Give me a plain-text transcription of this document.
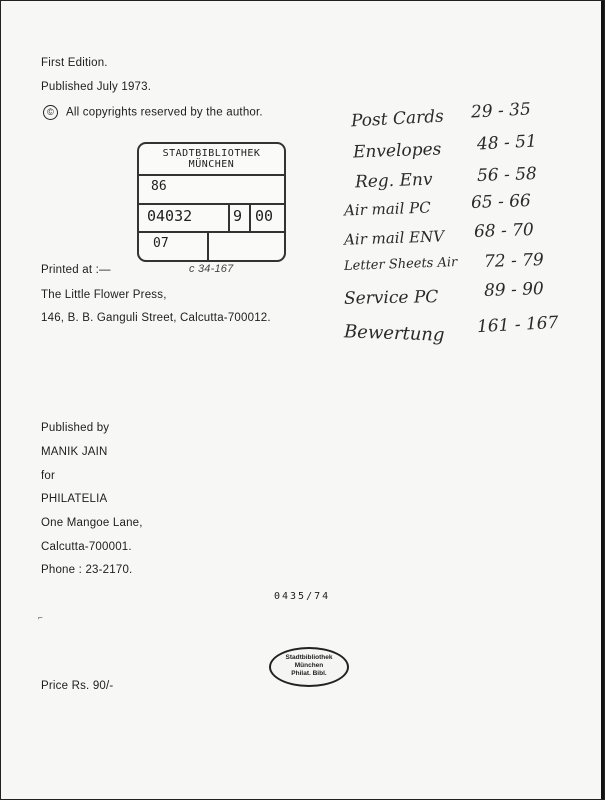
First Edition.
Published July 1973.
© All copyrights reserved by the author.
STADTBIBLIOTHEK
MÜNCHEN
86
04032	9 00
07
c 34-167
Printed at :—
The Little Flower Press,
146, B. B. Ganguli Street, Calcutta-700012.
Post Cards 29 - 35
Envelopes 48 - 51
Reg. Env	56 - 58
Air mail PC 65 - 66
Air mail ENV 68 - 70
Letter Sheets Air 72 - 79
Service PC	89 - 90
Bewertung 161 - 167
Published by
MANIK JAIN
for
PHILATELIA
One Mangoe Lane,
Calcutta-700001.
Phone : 23-2170.
0435/74
⌐
Stadtbibliothek
München
Philat. Bibl.
Price Rs. 90/-
